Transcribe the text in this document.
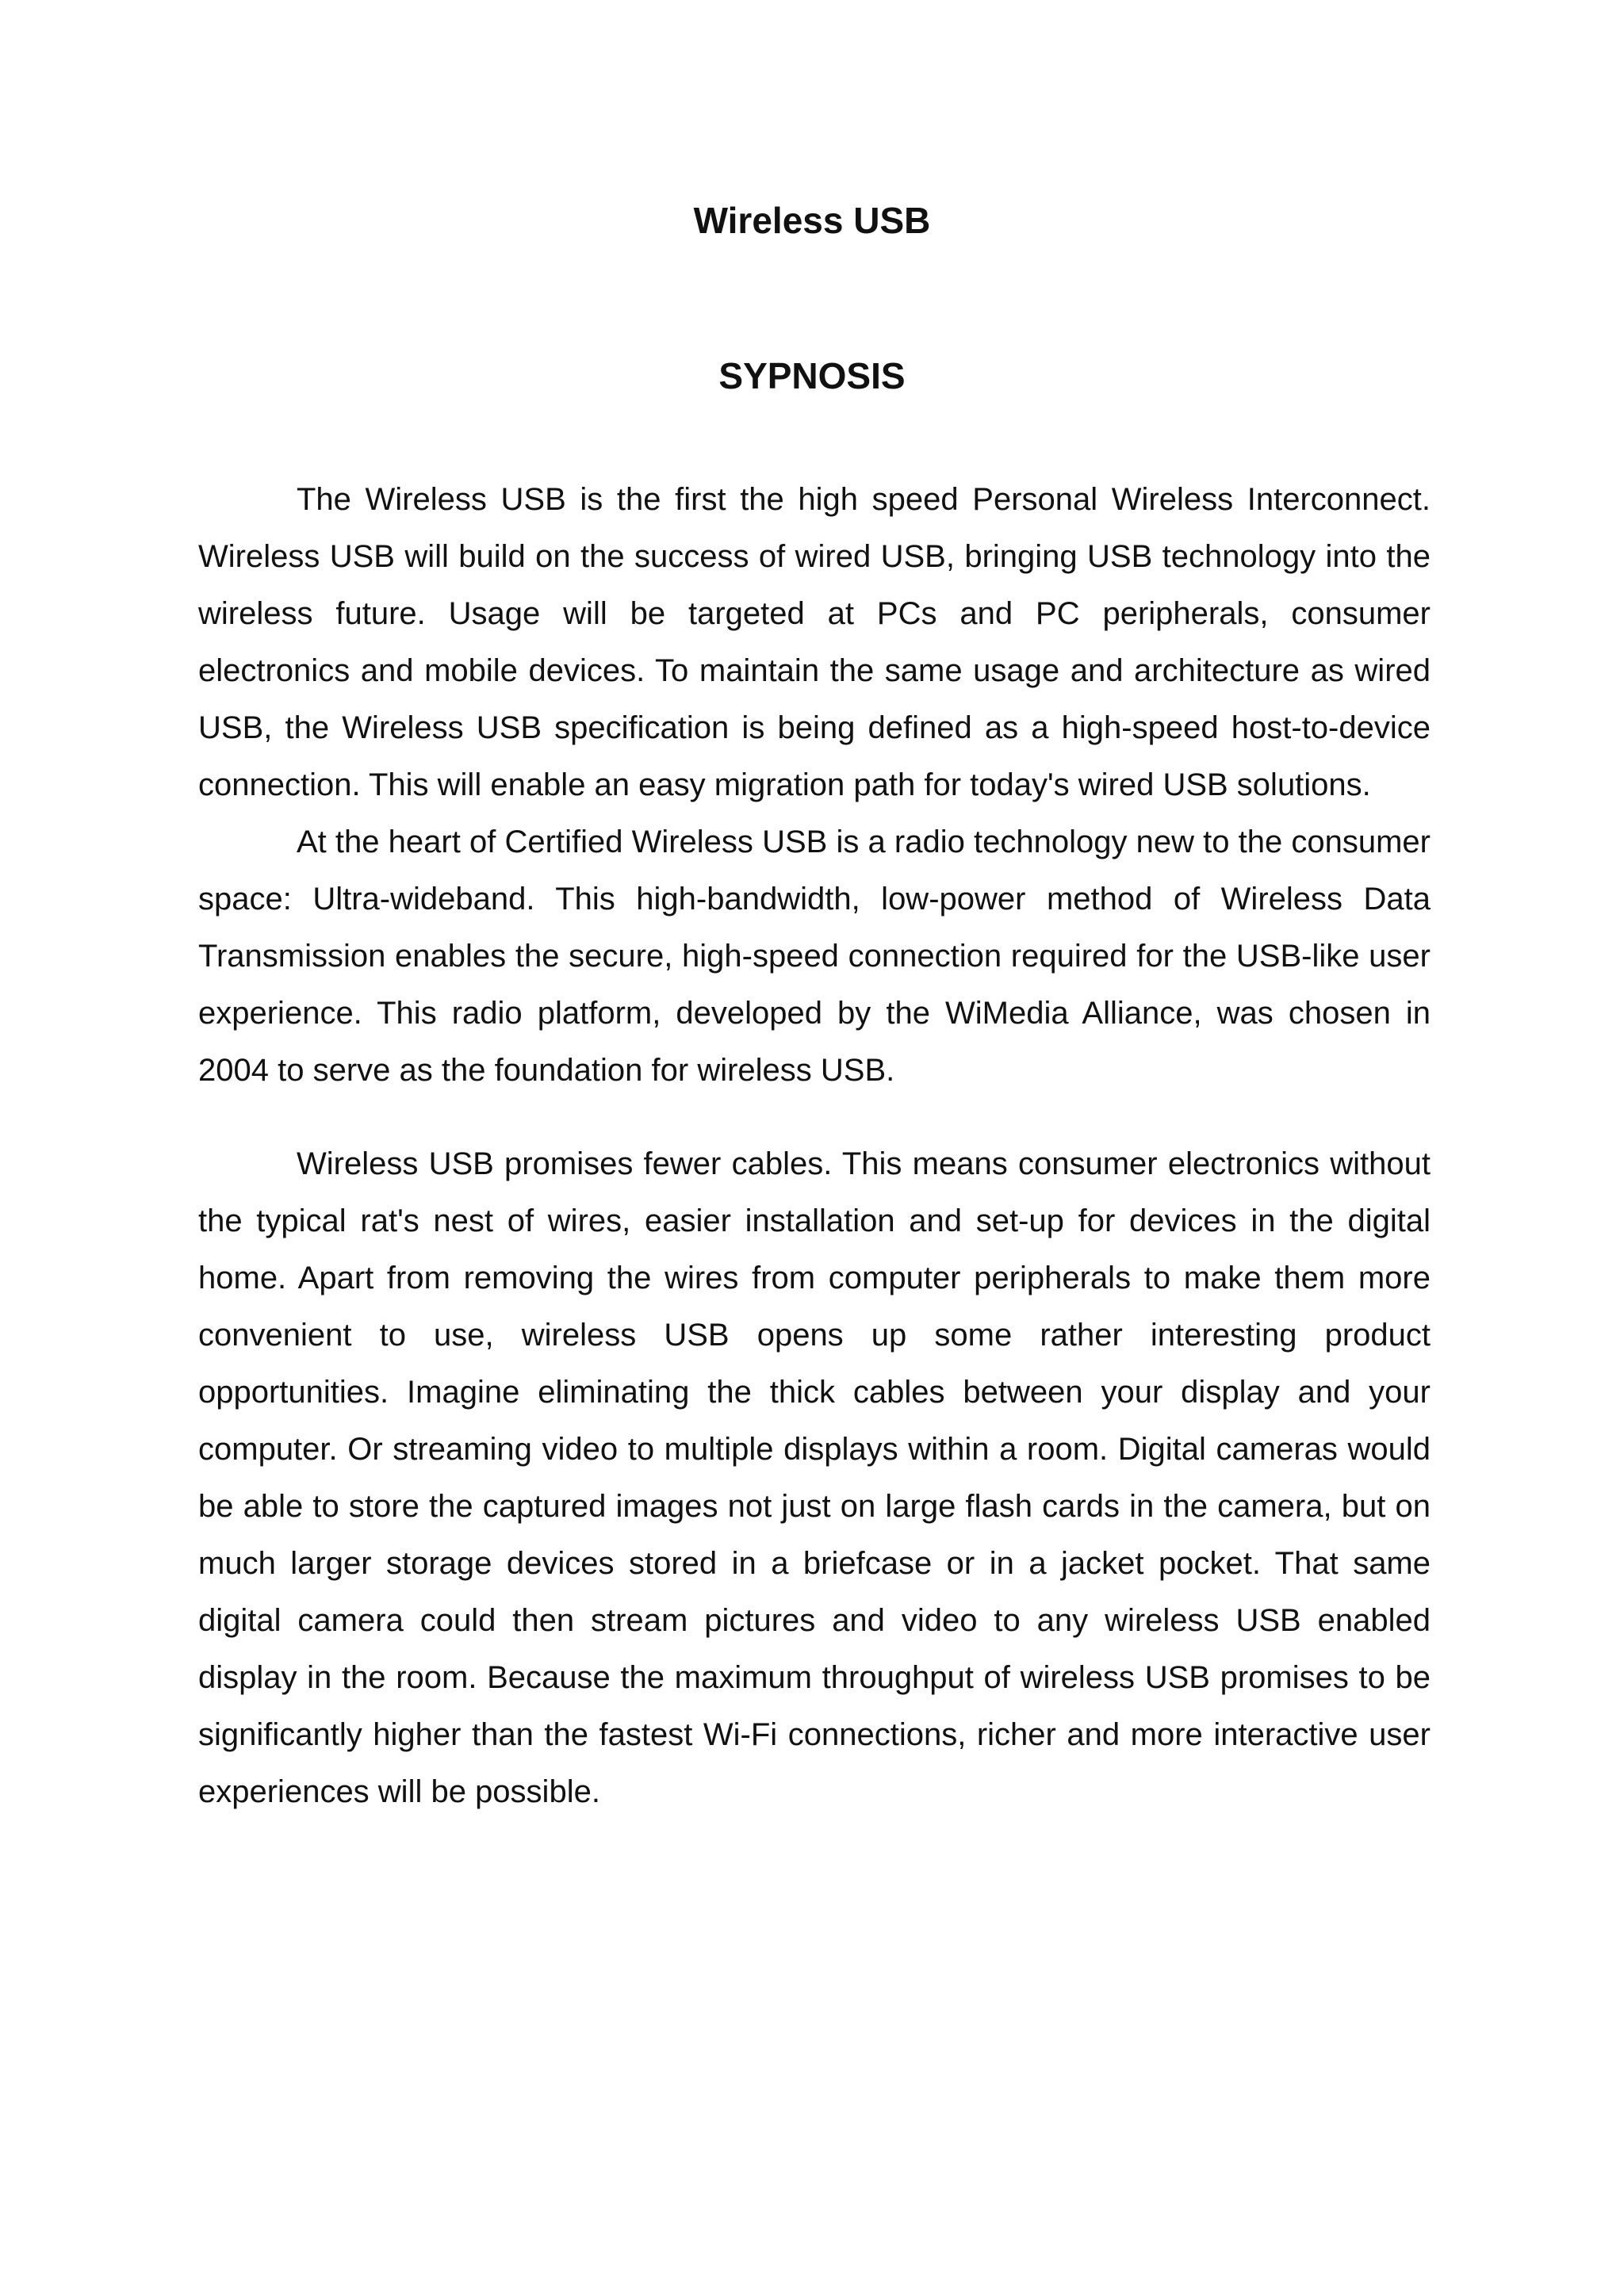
Wireless USB
SYPNOSIS

The Wireless USB is the first the high speed Personal Wireless Interconnect. Wireless USB will build on the success of wired USB, bringing USB technology into the wireless future. Usage will be targeted at PCs and PC peripherals, consumer electronics and mobile devices. To maintain the same usage and architecture as wired USB, the Wireless USB specification is being defined as a high-speed host-to-device connection. This will enable an easy migration path for today's wired USB solutions.

At the heart of Certified Wireless USB is a radio technology new to the consumer space: Ultra-wideband. This high-bandwidth, low-power method of Wireless Data Transmission enables the secure, high-speed connection required for the USB-like user experience. This radio platform, developed by the WiMedia Alliance, was chosen in 2004 to serve as the foundation for wireless USB.

Wireless USB promises fewer cables. This means consumer electronics without the typical rat's nest of wires, easier installation and set-up for devices in the digital home. Apart from removing the wires from computer peripherals to make them more convenient to use, wireless USB opens up some rather interesting product opportunities. Imagine eliminating the thick cables between your display and your computer. Or streaming video to multiple displays within a room. Digital cameras would be able to store the captured images not just on large flash cards in the camera, but on much larger storage devices stored in a briefcase or in a jacket pocket. That same digital camera could then stream pictures and video to any wireless USB enabled display in the room. Because the maximum throughput of wireless USB promises to be significantly higher than the fastest Wi-Fi connections, richer and more interactive user experiences will be possible.
